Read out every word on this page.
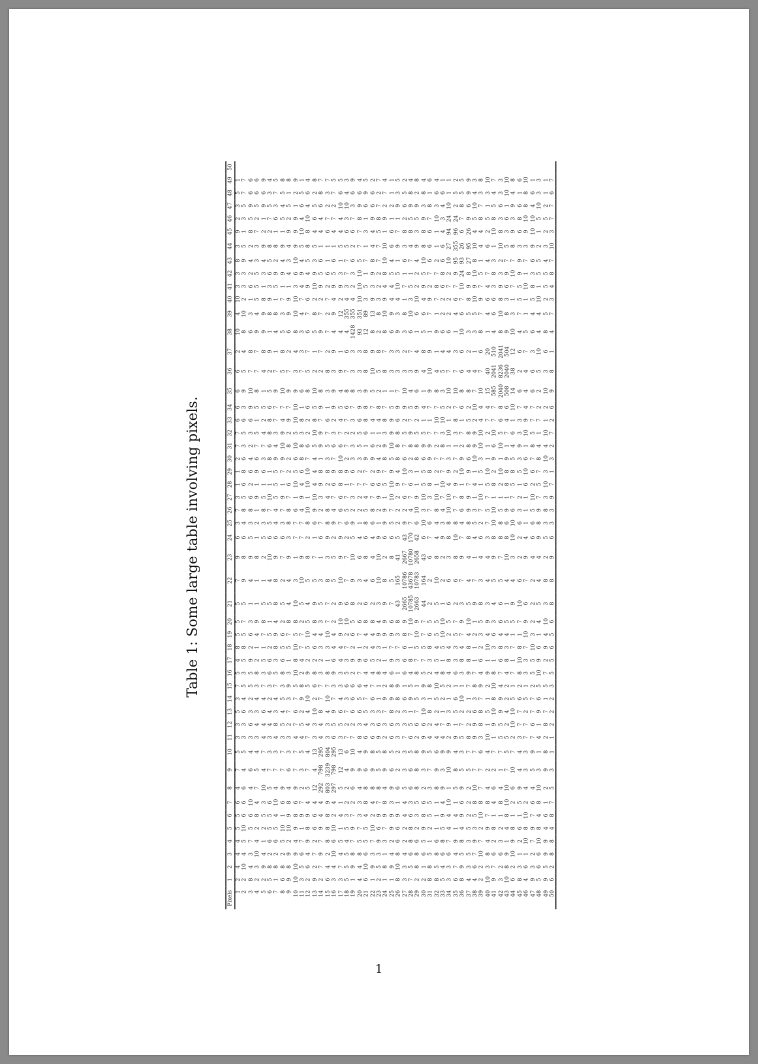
Table 1: Some large table involving pixels.
Pixels	1	2	3	4	5	6	7	8	9	10	11	12	13	14	15	16	17	18	19	20	21	22	23	24	25	26	27	28	29	30	31	32	33	34	35	36	37	38	39	40	41	42	43	44	45	46	47	48	49	50
1	2	4	4	4	5	5	6	4	7	5	3	3	5	3	7	5	4	8	5	5	5	7	9	6	3	7	3	1	1	2	7	7	6	6	6	6	2	10	4	10	3	3	8	3	9	2	3	5	1	
2	2	10	4	5	10	6	6	6	4	5	3	3	6	4	5	3	5	8	5	7	5	9	8	6	4	8	5	6	8	6	3	5	6	3	9	5	4	8	10	2	3	3	9	5	1	3	5	7	7	
3	8	4	3	7	5	6	10	4	6	4	3	6	3	2	5	5	9	2	6	3	1	4	9	5	3	8	6	2	6	4	2	3	6	9	10	7	8	6	3	1	6	2	4	2	8	5	9	6	6	
4	2	3	10	4	2	8	4	7	5	4	3	4	3	4	3	8	2	1	4	9	1	1	8	1	2	1	9	1	9	6	7	5	1	5	8	7	7	9	4	5	5	5	3	3	7	2	5	6	6	
5	2	9	4	1	2	5	3	10	4	7	4	4	6	4	7	3	5	1	7	8	5	1	2	5	3	8	5	1	6	3	7	4	2	5	1	4	8	9	9	8	1	3	4	9	2	1	9	6	9	
6	5	8	2	6	5	5	6	5	7	3	3	4	4	2	3	6	6	2	5	1	5	4	10	6	5	7	10	1	1	8	6	8	8	6	5	2	9	1	8	9	3	6	5	8	2	7	5	3	4	
7	1	8	2	6	5	4	10	4	7	3	4	8	3	4	7	5	3	8	9	4	8	8	9	6	4	4	5	5	5	9	4	3	7	7	9	7	1	4	8	1	5	9	2	8	1	6	3	7	5	
8	6	8	2	5	10	1	6	9	7	7	3	5	4	5	3	8	6	5	6	2	5	2	7	6	3	7	9	1	7	9	10	9	4	7	10	5	8	5	3	7	1	9	4	9	1	5	4	5	8	
9	9	8	9	2	10	9	8	4	6	3	3	2	7	3	9	3	1	5	7	8	4	4	9	3	8	8	7	6	2	2	8	2	9	7	9	7	2	6	9	9	1	4	3	4	9	2	5	1	8	
10	10	10	9	4	9	8	6	9	7	7	4	7	6	7	5	10	8	10	5	8	10	3	1	7	7	6	1	10	5	6	10	5	10	10	9	3	4	8	10	10	3	6	10	9	9	9	1	2	9	
11	3	5	6	7	1	9	7	2	3	5	4	5	2	9	8	2	4	7	7	2	5	10	9	7	7	4	9	4	6	8	8	3	8	1	6	7	3	3	4	7	4	9	4	5	10	4	6	5	1	
12	2	6	4	9	8	9	4	5	7	4	7	4	4	10	5	9	2	5	10	5	4	5	8	2	8	10	1	10	10	7	6	2	2	6	8	5	7	6	7	6	9	4	5	8	8	10	4	6	4	
13	9	2	7	2	6	6	4	12	4	13	3	3	10	2	6	8	2	6	4	8	9	5	7	1	6	9	10	4	4	4	5	10	8	5	10	2	1	5	8	2	10	9	3	5	4	6	5	2	8	
14	2	7	9	7	9	4	4	292	798	295	4	4	8	7	7	3	2	3	4	3	5	3	1	6	7	2	3	9	8	1	9	9	7	9	8	2	7	9	7	2	9	5	6	1	4	4	6	8	7	
15	6	4	2	8	8	8	9	803	3239	804	3	3	4	10	7	8	1	3	10	7	7	8	3	9	8	8	4	2	8	3	5	7	6	1	3	8	2	7	2	7	2	6	1	1	6	7	2	3	7	
16	3	4	10	6	10	2	4	297	798	295	6	5	9	7	3	9	6	4	4	2	2	5	5	2	9	4	7	6	9	7	6	3	2	9	9	3	9	4	9	4	9	5	6	1	4	7	2	7	5	
17	3	7	4	5	1	4	1	5	12	13	3	5	6	4	3	3	4	4	9	10	9	10	9	9	7	6	6	8	8	10	6	7	4	5	4	9	1	4	12	2	9	3	1	5	4	4	10	6	5	
18	5	5	5	4	5	3	2	2	4	6	7	2	7	3	6	5	3	7	2	10	6	7	7	2	6	5	7	1	9	2	7	2	7	6	8	7	6	4	355	4	3	7	7	5	6	3	10	4	3	
19	1	9	8	7	9	7	2	6	9	10	7	2	6	6	6	2	9	2	6	5	8	9	10	5	9	2	3	7	6	3	3	2	3	7	8	3	3	1428	355	4	2	3	6	2	6	7	3	6	9	
20	4	4	8	5	7	3	3	4	9	4	8	3	6	5	6	7	9	1	7	6	2	3	6	4	1	2	2	7	2	3	5	5	6	9	3	3	3	93	351	10	10	10	5	7	7	8	9	6	4	
21	6	10	6	5	5	4	8	8	6	9	6	4	5	7	4	4	6	2	4	8	6	4	8	6	8	5	4	7	7	9	1	6	8	8	9	8	8	12	89	3	5	1	7	1	3	1	6	9	5	
22	1	9	3	7	10	2	4	8	9	8	6	3	3	6	7	4	5	4	4	8	2	6	4	4	6	8	7	6	2	9	6	1	4	7	5	10	9	8	13	9	3	9	8	4	4	9	6	6	2	
23	2	5	3	9	6	9	7	8	5	5	9	6	3	1	1	8	2	3	9	4	3	10	10	9	1	2	9	6	9	4	2	1	4	8	2	5	8	2	8	3	2	2	7	7	5	8	7	2	7	
24	1	8	1	3	7	9	8	4	9	8	2	3	7	9	2	4	1	1	9	9	9	8	2	6	9	9	1	5	7	8	9	3	8	7	1	8	7	8	10	9	4	8	10	10	1	9	2	7	4	
25	1	9	4	2	9	9	3	9	6	5	6	6	8	9	8	6	9	7	9	6	7	5	8	6	5	7	10	10	9	5	10	9	9	5	1	3	3	6	9	4	4	5	4	6	6	1	2	1	1	
26	8	10	8	6	6	9	1	6	2	2	3	3	2	8	9	1	3	7	3	8	43	165	41	5	2	2	2	9	4	8	8	8	6	9	7	3	3	9	3	4	10	5	1	9	7	1	9	3	5	
27	3	3	4	2	2	4	4	5	3	3	7	3	3	6	1	6	6	6	8	9	2665	10786	2667	43	9	2	6	7	10	6	7	5	2	9	10	3	2	3	8	1	7	1	6	3	8	2	6	5	2	
28	7	5	6	8	8	6	3	6	6	5	6	5	1	9	5	4	8	1	7	10	10785	43678	10780	170	7	4	7	6	3	2	8	9	7	5	4	3	7	6	10	3	5	1	7	4	8	5	9	8	4	
29	2	8	8	6	2	3	5	8	8	8	2	6	7	5	1	8	7	5	10	9	2663	10783	2658	42	6	10	9	1	1	8	8	5	2	9	6	9	4	1	6	10	2	2	4	9	3	5	9	2	8	
30	2	1	6	5	9	8	6	2	3	9	9	6	10	3	9	5	7	5	7	7	44	164	43	6	10	3	10	5	5	6	9	5	1	4	1	4	8	5	6	4	9	5	10	8	8	9	3	8	4	
31	8	8	5	1	2	5	5	3	7	5	4	2	8	1	8	2	3	8	6	5	2	2	6	7	6	7	3	8	8	9	9	7	1	7	9	10	9	1	7	9	2	7	6	6	6	7	8	1	6	
32	8	5	8	6	1	1	1	8	9	6	4	4	2	5	10	4	5	4	5	5	5	10	8	4	4	8	10	1	2	7	2	7	10	7	8	4	1	9	1	7	8	7	2	1	1	10	3	6	4	
33	5	4	6	8	5	9	4	9	3	9	4	7	1	2	5	8	1	5	10	10	1	2	2	9	3	4	7	10	7	7	8	3	10	5	3	5	4	6	2	2	6	8	6	6	4	3	4	6	1	
34	3	3	6	7	4	4	10	1	10	9	2	9	3	1	2	4	8	4	2	5	6	6	3	8	8	10	10	4	9	3	1	10	1	2	10	7	4	6	2	2	7	2	10	27	94	24	10	1	1	
35	6	7	4	9	1	4	1	5	8	4	9	1	5	6	1	6	3	3	5	7	2	6	8	10	8	7	7	9	2	7	1	3	8	7	10	7	3	1	4	6	7	9	95	355	96	24	2	5	2	
36	8	9	5	8	4	9	6	9	5	3	5	7	2	10	1	3	8	4	7	9	3	7	9	7	4	6	8	1	10	9	2	7	1	6	8	6	6	10	6	7	10	24	93	26	6	7	8	5	5	
37	4	3	5	3	5	2	2	2	5	7	8	2	2	1	7	9	8	8	4	10	5	4	4	8	8	9	9	7	9	6	8	8	5	2	8	4	2	3	5	8	9	8	27	95	26	9	6	9	9	
38	4	6	7	9	3	5	8	10	7	7	9	9	6	3	8	7	1	1	2	1	9	7	1	4	5	3	1	4	1	10	9	9	2	10	7	4	1	3	5	10	9	10	8	10	4	5	10	4	3	
39	2	2	10	7	2	10	8	7	7	6	3	8	8	7	9	4	6	2	3	5	8	3	4	6	2	7	10	1	5	3	10	10	4	4	10	7	6	8	7	9	7	5	1	4	4	8	7	3	8	
40	10	3	8	4	9	7	8	4	2	4	10	1	5	1	2	9	1	10	4	9	3	4	4	3	7	5	7	5	10	1	1	2	7	4	15	40	20	1	4	6	4	7	4	6	2	5	1	3	10	
41	9	7	6	2	8	1	4	6	2	7	1	9	10	8	10	8	1	3	6	3	4	5	9	8	10	10	1	8	2	9	6	10	7	7	585	2041	510	4	6	6	3	8	3	1	10	8	5	4	7	
42	3	2	6	3	2	1	8	4	1	7	5	5	9	9	4	7	6	8	4	6	6	5	7	8	8	5	1	2	10	1	10	5	6	8	2040	8236	2041	8	10	8	9	3	2	10	8	3	6	3	3	
43	10	8	9	1	4	8	10	10	7	5	5	2	4	2	2	4	8	3	4	5	1	4	10	8	6	9	1	8	8	9	1	7	4	6	508	2040	504	9	8	3	6	9	7	5	3	6	1	10	10	
44	6	2	10	9	8	1	2	6	10	7	2	10	10	5	1	7	1	7	1	5	9	4	3	10	10	6	7	5	8	5	4	6	1	10	14	38	12	10	3	1	7	10	7	8	9	3	9	4	8	
45	8	3	1	2	6	1	5	9	4	4	3	7	7	6	2	8	10	8	1	7	10	6	2	2	6	3	2	1	5	3	9	3	3	7	6	2	6	4	7	5	5	9	9	3	6	8	6	1	6	
46	4	6	1	10	8	10	2	4	3	3	7	7	2	5	1	3	3	7	10	9	6	7	9	4	1	1	1	6	10	6	1	10	9	4	4	4	7	5	1	1	10	1	7	3	9	10	8	8	10	
47	9	3	2	7	9	7	6	4	5	9	7	6	7	7	2	5	5	10	3	2	2	2	4	6	6	5	10	2	6	7	8	5	7	7	6	6	3	6	4	5	8	3	6	9	10	10	4	6	1	
48	5	6	6	10	8	4	8	10	3	1	4	1	9	6	5	10	9	6	1	4	5	4	4	9	8	9	7	5	7	8	4	1	7	2	2	5	10	4	4	10	1	5	5	2	1	5	10	3	3	
49	9	5	9	9	4	6	1	2	9	8	2	8	7	1	5	7	2	9	4	10	3	8	2	5	3	8	3	10	3	10	4	10	1	2	10	3	6	8	5	2	5	5	4	3	2	5	2	1	1	
50	6	2	8	8	4	8	7	5	3	1	1	2	2	2	3	5	5	6	5	6	8	8	9	6	3	3	9	7	1	3	2	7	2	6	9	8	1	4	7	3	4	8	7	10	3	7	7	6	7	
1
